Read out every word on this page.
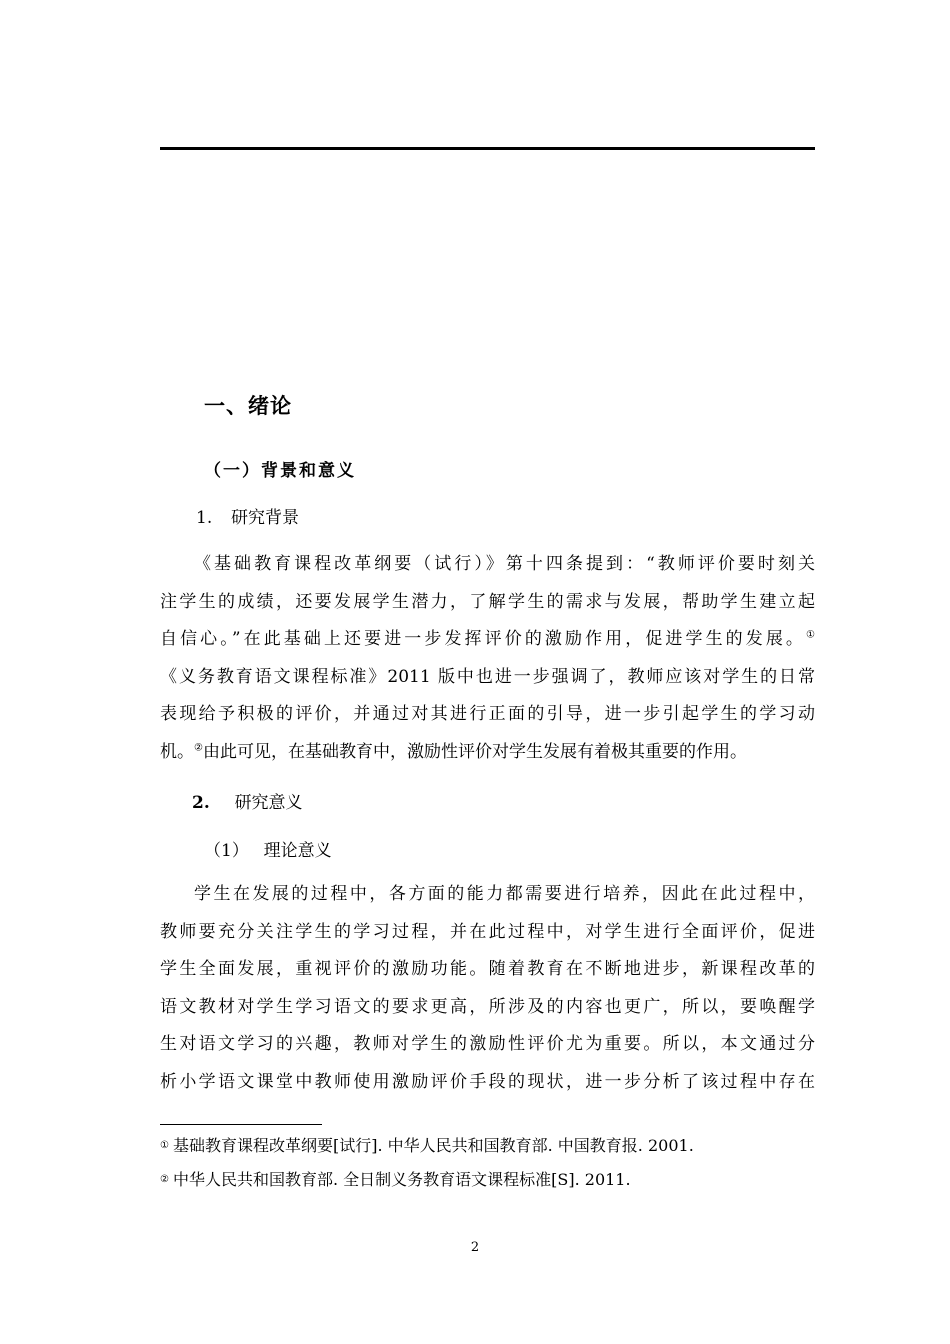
一、绪论
（一）背景和意义
1. 研究背景
《基础教育课程改革纲要（试行）》第十四条提到：“教师评价要时刻关
注学生的成绩，还要发展学生潜力，了解学生的需求与发展，帮助学生建立起
自信心。”在此基础上还要进一步发挥评价的激励作用，促进学生的发展。①
《义务教育语文课程标准》2011 版中也进一步强调了，教师应该对学生的日常
表现给予积极的评价，并通过对其进行正面的引导，进一步引起学生的学习动
机。②由此可见，在基础教育中，激励性评价对学生发展有着极其重要的作用。
2. 研究意义
（1） 理论意义
学生在发展的过程中，各方面的能力都需要进行培养，因此在此过程中，
教师要充分关注学生的学习过程，并在此过程中，对学生进行全面评价，促进
学生全面发展，重视评价的激励功能。随着教育在不断地进步，新课程改革的
语文教材对学生学习语文的要求更高，所涉及的内容也更广，所以，要唤醒学
生对语文学习的兴趣，教师对学生的激励性评价尤为重要。所以，本文通过分
析小学语文课堂中教师使用激励评价手段的现状，进一步分析了该过程中存在
① 基础教育课程改革纲要[试行]. 中华人民共和国教育部. 中国教育报. 2001.
② 中华人民共和国教育部. 全日制义务教育语文课程标准[S]. 2011.
2
